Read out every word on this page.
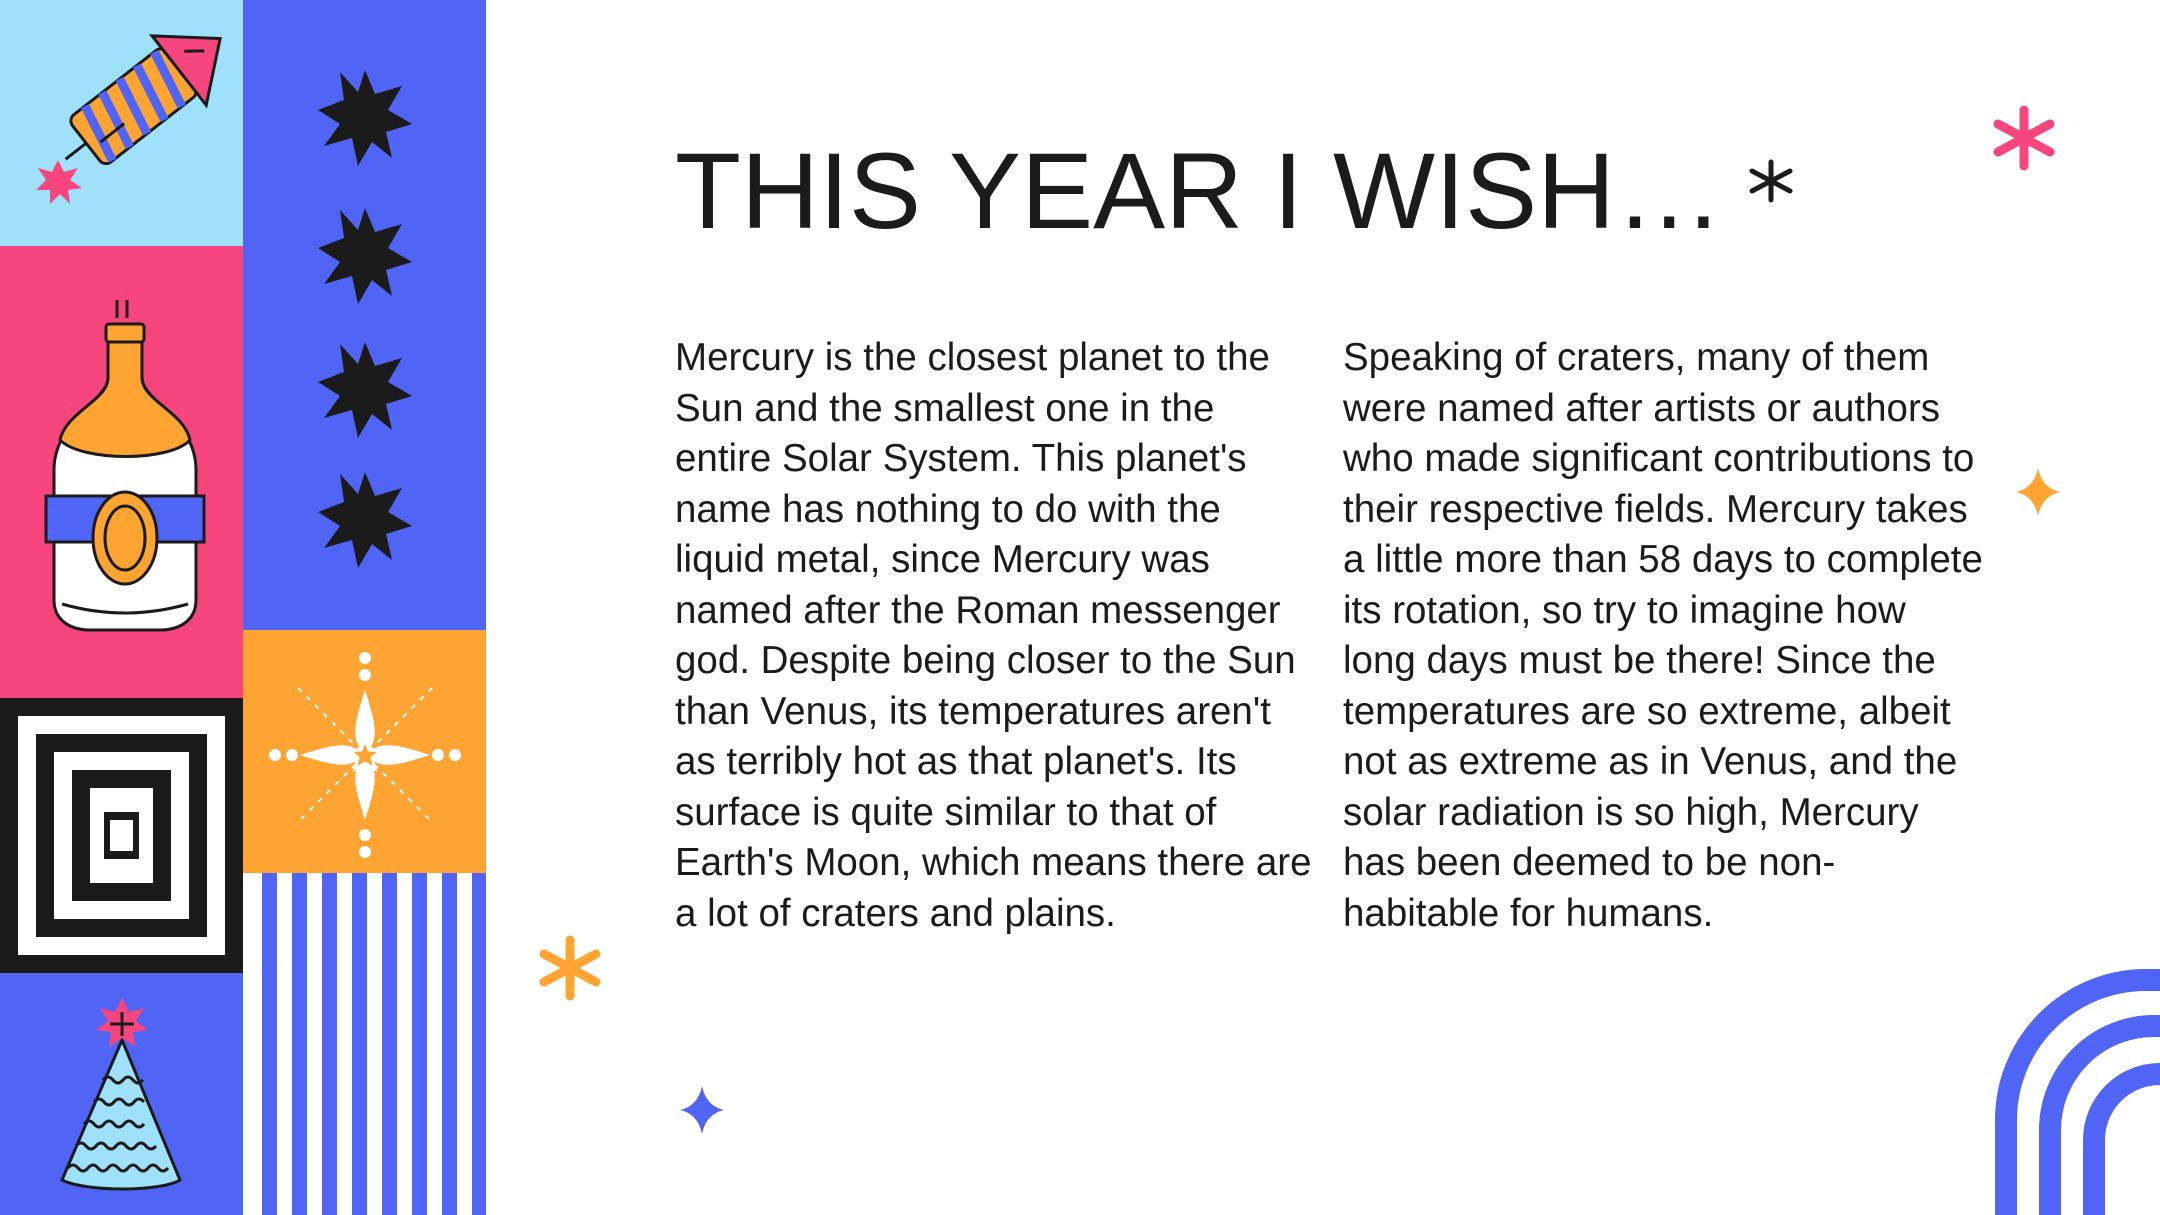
THIS YEAR I WISH…

Mercury is the closest planet to the Sun and the smallest one in the entire Solar System. This planet's name has nothing to do with the liquid metal, since Mercury was named after the Roman messenger god. Despite being closer to the Sun than Venus, its temperatures aren't as terribly hot as that planet's. Its surface is quite similar to that of Earth's Moon, which means there are a lot of craters and plains.

Speaking of craters, many of them were named after artists or authors who made significant contributions to their respective fields. Mercury takes a little more than 58 days to complete its rotation, so try to imagine how long days must be there! Since the temperatures are so extreme, albeit not as extreme as in Venus, and the solar radiation is so high, Mercury has been deemed to be non-habitable for humans.
